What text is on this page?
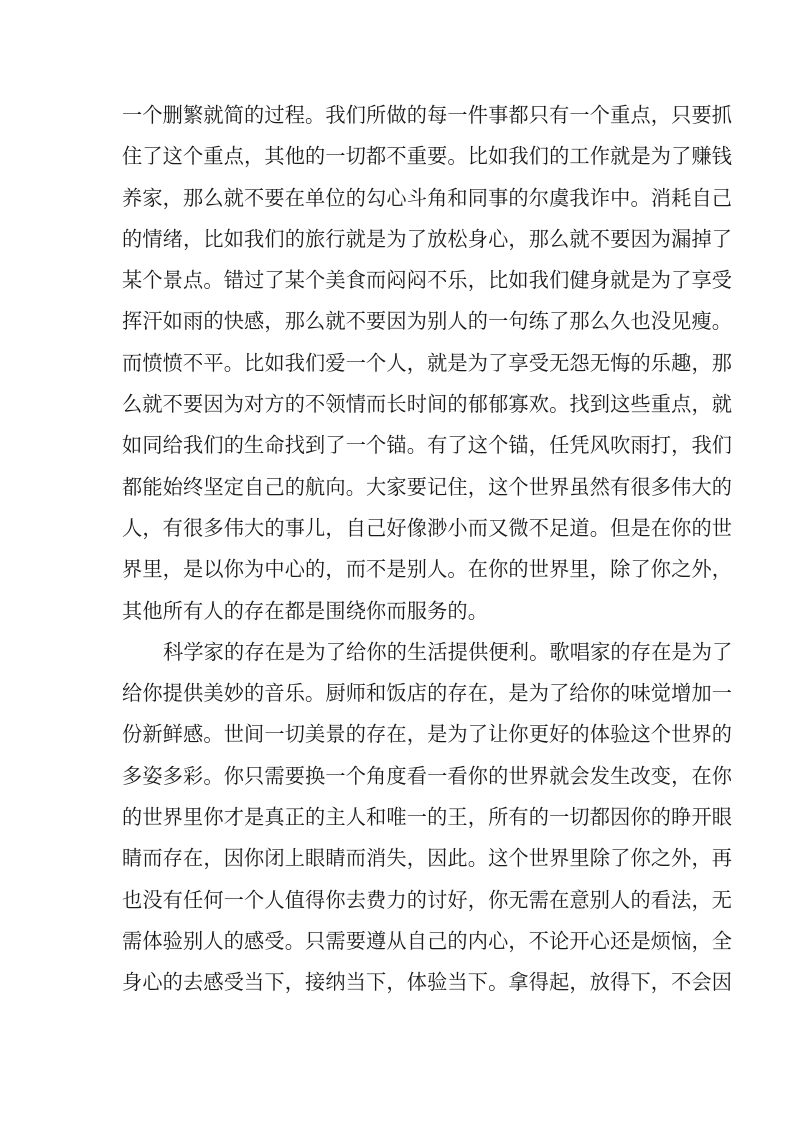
一个删繁就简的过程。我们所做的每一件事都只有一个重点，只要抓
住了这个重点，其他的一切都不重要。比如我们的工作就是为了赚钱
养家，那么就不要在单位的勾心斗角和同事的尔虞我诈中。消耗自己
的情绪，比如我们的旅行就是为了放松身心，那么就不要因为漏掉了
某个景点。错过了某个美食而闷闷不乐，比如我们健身就是为了享受
挥汗如雨的快感，那么就不要因为别人的一句练了那么久也没见瘦。
而愤愤不平。比如我们爱一个人，就是为了享受无怨无悔的乐趣，那
么就不要因为对方的不领情而长时间的郁郁寡欢。找到这些重点，就
如同给我们的生命找到了一个锚。有了这个锚，任凭风吹雨打，我们
都能始终坚定自己的航向。大家要记住，这个世界虽然有很多伟大的
人，有很多伟大的事儿，自己好像渺小而又微不足道。但是在你的世
界里，是以你为中心的，而不是别人。在你的世界里，除了你之外，
其他所有人的存在都是围绕你而服务的。
科学家的存在是为了给你的生活提供便利。歌唱家的存在是为了
给你提供美妙的音乐。厨师和饭店的存在，是为了给你的味觉增加一
份新鲜感。世间一切美景的存在，是为了让你更好的体验这个世界的
多姿多彩。你只需要换一个角度看一看你的世界就会发生改变，在你
的世界里你才是真正的主人和唯一的王，所有的一切都因你的睁开眼
睛而存在，因你闭上眼睛而消失，因此。这个世界里除了你之外，再
也没有任何一个人值得你去费力的讨好，你无需在意别人的看法，无
需体验别人的感受。只需要遵从自己的内心，不论开心还是烦恼，全
身心的去感受当下，接纳当下，体验当下。拿得起，放得下，不会因
